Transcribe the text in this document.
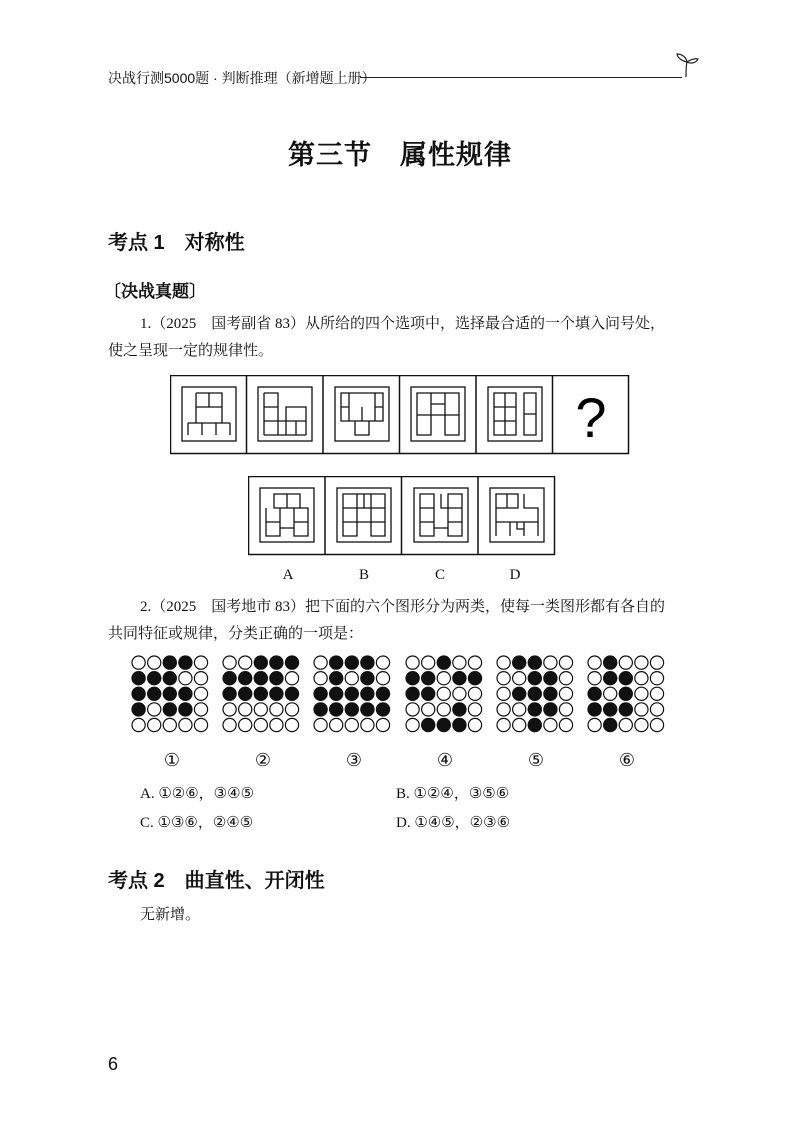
决战行测5000题 · 判断推理（新增题上册）
第三节　属性规律
考点 1　对称性
〔决战真题〕
1.（2025　国考副省 83）从所给的四个选项中，选择最合适的一个填入问号处，
使之呈现一定的规律性。
?
A	B	C	D
2.（2025　国考地市 83）把下面的六个图形分为两类，使每一类图形都有各自的
共同特征或规律，分类正确的一项是：
①	②	③	④	⑤	⑥
A. ①②⑥，③④⑤	B. ①②④，③⑤⑥
C. ①③⑥，②④⑤	D. ①④⑤，②③⑥
考点 2　曲直性、开闭性
无新增。
6
